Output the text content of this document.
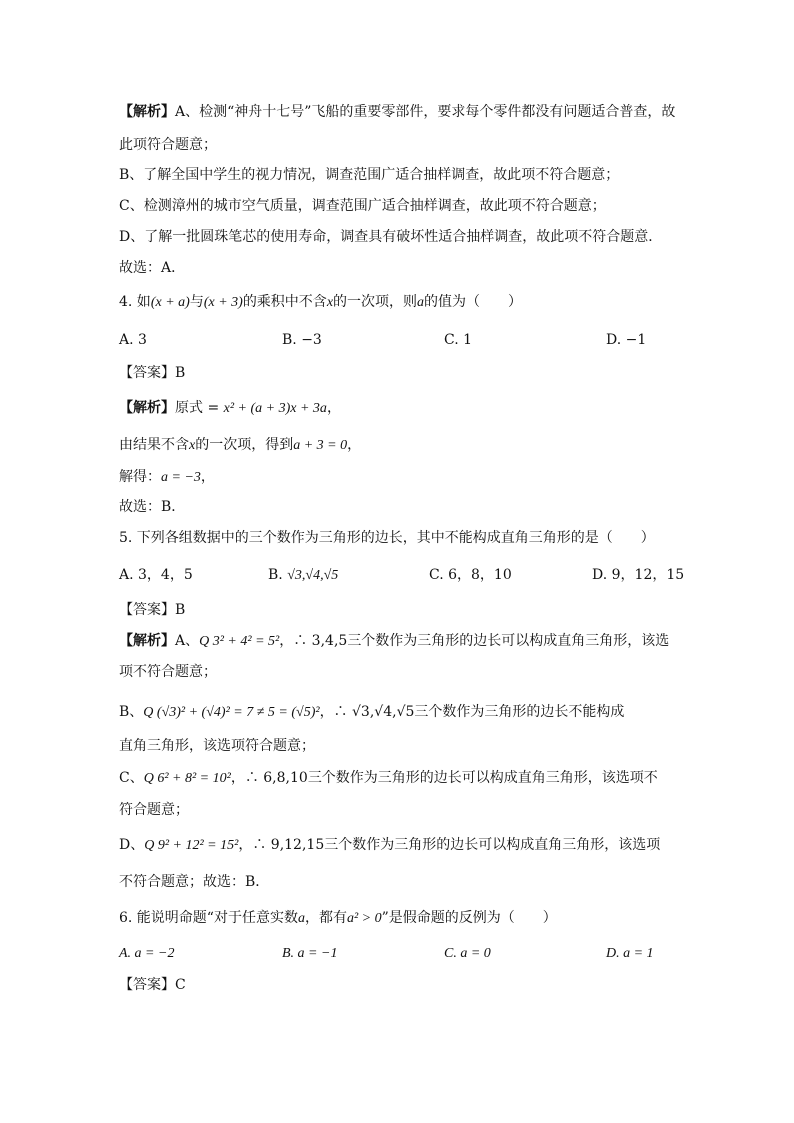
【解析】A、检测“神舟十七号”飞船的重要零部件，要求每个零件都没有问题适合普查，故
此项符合题意；
B、了解全国中学生的视力情况，调查范围广适合抽样调查，故此项不符合题意；
C、检测漳州的城市空气质量，调查范围广适合抽样调查，故此项不符合题意；
D、了解一批圆珠笔芯的使用寿命，调查具有破坏性适合抽样调查，故此项不符合题意．
故选：A．
4. 如(x + a)与(x + 3)的乘积中不含x的一次项，则a的值为（　　）
A. 3	B. −3	C. 1	D. −1
【答案】B
【解析】原式 = x² + (a + 3)x + 3a，
由结果不含x的一次项，得到a + 3 = 0，
解得：a = −3，
故选：B．
5. 下列各组数据中的三个数作为三角形的边长，其中不能构成直角三角形的是（　　）
A. 3，4，5	B. √3,√4,√5	C. 6，8，10	D. 9，12，15
【答案】B
【解析】A、Q 3² + 4² = 5²，∴ 3,4,5三个数作为三角形的边长可以构成直角三角形，该选
项不符合题意；
B、Q (√3)² + (√4)² = 7 ≠ 5 = (√5)²，∴ √3,√4,√5三个数作为三角形的边长不能构成
直角三角形，该选项符合题意；
C、Q 6² + 8² = 10²，∴ 6,8,10三个数作为三角形的边长可以构成直角三角形，该选项不
符合题意；
D、Q 9² + 12² = 15²，∴ 9,12,15三个数作为三角形的边长可以构成直角三角形，该选项
不符合题意；故选：B．
6. 能说明命题“对于任意实数a，都有a² > 0”是假命题的反例为（　　）
A. a = −2	B. a = −1	C. a = 0	D. a = 1
【答案】C
